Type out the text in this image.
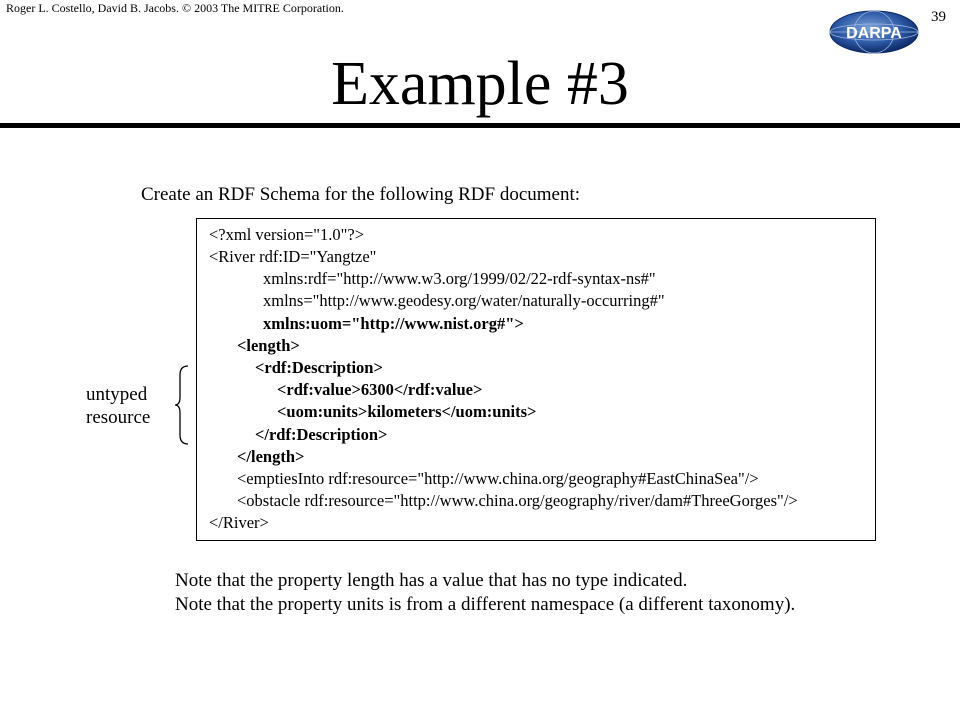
Roger L. Costello, David B. Jacobs. © 2003 The MITRE Corporation.
39
DARPA
Example #3
Create an RDF Schema for the following RDF document:
untyped
resource
<?xml version="1.0"?>
<River rdf:ID="Yangtze"
xmlns:rdf="http://www.w3.org/1999/02/22-rdf-syntax-ns#"
xmlns="http://www.geodesy.org/water/naturally-occurring#"
xmlns:uom="http://www.nist.org#">
<length>
<rdf:Description>
<rdf:value>6300</rdf:value>
<uom:units>kilometers</uom:units>
</rdf:Description>
</length>
<emptiesInto rdf:resource="http://www.china.org/geography#EastChinaSea"/>
<obstacle rdf:resource="http://www.china.org/geography/river/dam#ThreeGorges"/>
</River>
Note that the property length has a value that has no type indicated.
Note that the property units is from a different namespace (a different taxonomy).
